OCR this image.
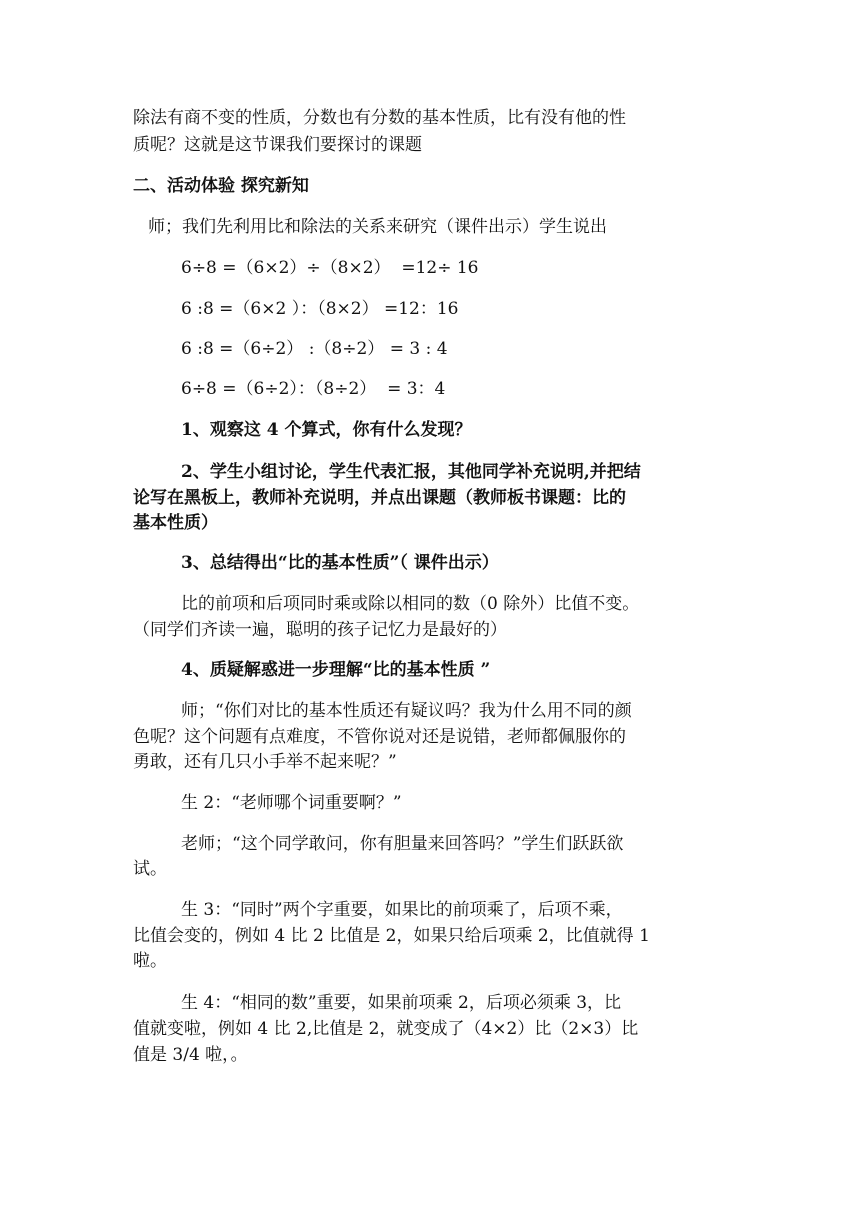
除法有商不变的性质，分数也有分数的基本性质，比有没有他的性
质呢？这就是这节课我们要探讨的课题
二、活动体验 探究新知
师；我们先利用比和除法的关系来研究（课件出示）学生说出
6÷8 =（6×2）÷（8×2）  =12÷ 16
6 :8 =（6×2 ）：（8×2） =12：16
6 :8 =（6÷2） :（8÷2） = 3 : 4
6÷8 =（6÷2）：（8÷2）  = 3：4
1、观察这 4 个算式，你有什么发现？
2、学生小组讨论，学生代表汇报，其他同学补充说明,并把结
论写在黑板上，教师补充说明，并点出课题（教师板书课题：比的
基本性质）
3、总结得出“比的基本性质”（ 课件出示）
比的前项和后项同时乘或除以相同的数（0 除外）比值不变。
（同学们齐读一遍，聪明的孩子记忆力是最好的）
4、质疑解惑进一步理解“比的基本性质 ”
师；“你们对比的基本性质还有疑议吗？我为什么用不同的颜
色呢？这个问题有点难度，不管你说对还是说错，老师都佩服你的
勇敢，还有几只小手举不起来呢？”
生 2：“老师哪个词重要啊？”
老师；“这个同学敢问，你有胆量来回答吗？”学生们跃跃欲
试。
生 3：“同时”两个字重要，如果比的前项乘了，后项不乘，
比值会变的，例如 4 比 2 比值是 2，如果只给后项乘 2，比值就得 1
啦。
生 4：“相同的数”重要，如果前项乘 2，后项必须乘 3，比
值就变啦，例如 4 比 2,比值是 2，就变成了（4×2）比（2×3）比
值是 3/4 啦，。
